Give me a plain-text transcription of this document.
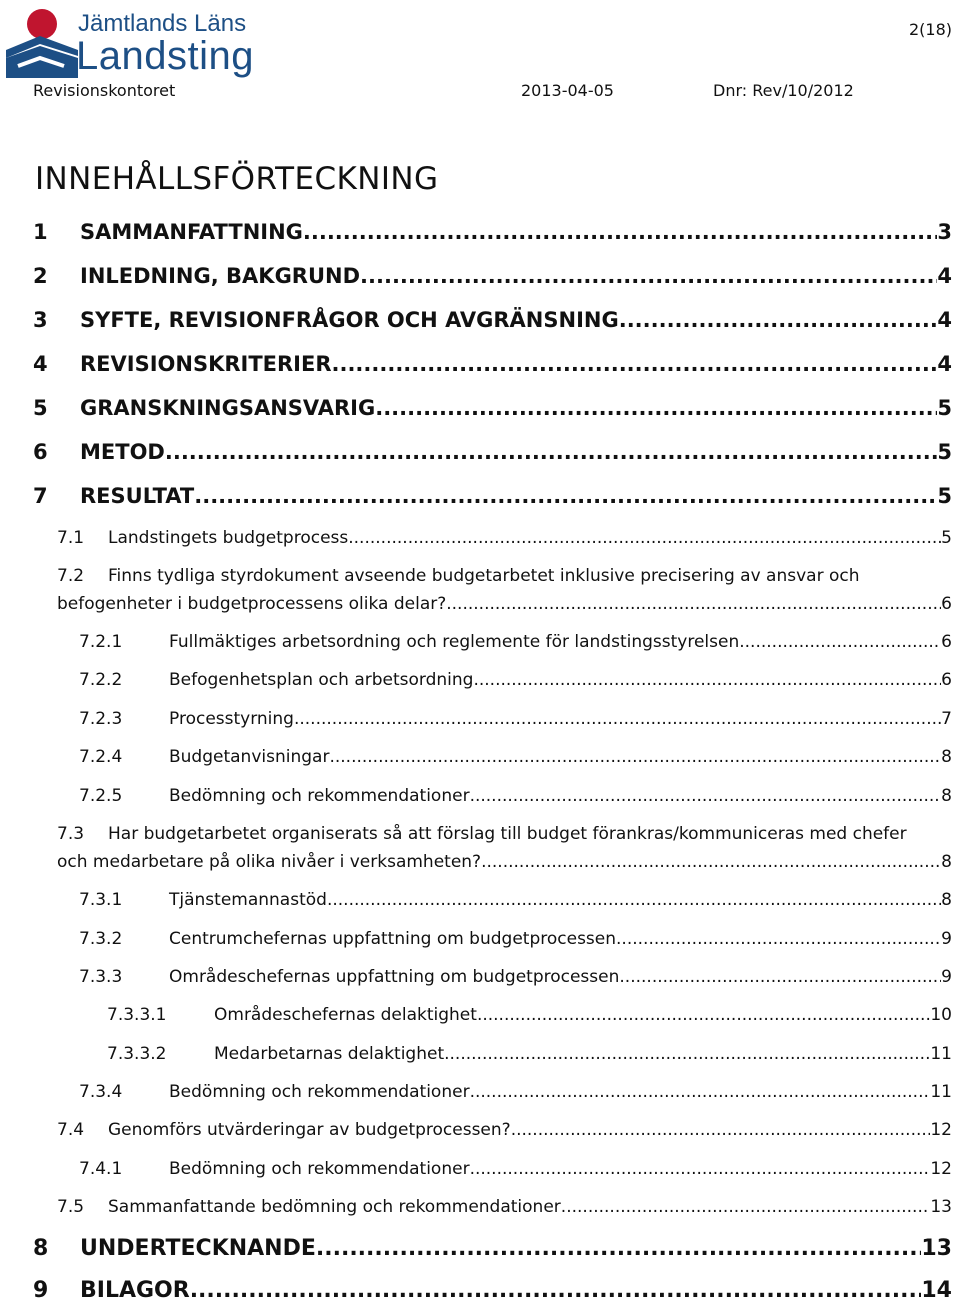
Jämtlands Läns
Landsting
2(18)
Revisionskontoret	2013-04-05	Dnr: Rev/10/2012
INNEHÅLLSFÖRTECKNING
1	SAMMANFATTNING .....	3
2	INLEDNING, BAKGRUND .....	4
3	SYFTE, REVISIONFRÅGOR OCH AVGRÄNSNING .....	4
4	REVISIONSKRITERIER .....	4
5	GRANSKNINGSANSVARIG .....	5
6	METOD .....	5
7	RESULTAT .....	5
7.1	Landstingets budgetprocess .....	5
7.2 Finns tydliga styrdokument avseende budgetarbetet inklusive precisering av ansvar och
befogenheter i budgetprocessens olika delar? .....	6
7.2.1	Fullmäktiges arbetsordning och reglemente för landstingsstyrelsen .....	6
7.2.2	Befogenhetsplan och arbetsordning .....	6
7.2.3	Processtyrning .....	7
7.2.4	Budgetanvisningar .....	8
7.2.5	Bedömning och rekommendationer .....	8
7.3 Har budgetarbetet organiserats så att förslag till budget förankras/kommuniceras med chefer
och medarbetare på olika nivåer i verksamheten? .....	8
7.3.1	Tjänstemannastöd .....	8
7.3.2	Centrumchefernas uppfattning om budgetprocessen .....	9
7.3.3	Områdeschefernas uppfattning om budgetprocessen .....	9
7.3.3.1	Områdeschefernas delaktighet .....	10
7.3.3.2	Medarbetarnas delaktighet .....	11
7.3.4	Bedömning och rekommendationer .....	11
7.4	Genomförs utvärderingar av budgetprocessen? .....	12
7.4.1	Bedömning och rekommendationer .....	12
7.5	Sammanfattande bedömning och rekommendationer .....	13
8	UNDERTECKNANDE .....	13
9	BILAGOR .....	14
